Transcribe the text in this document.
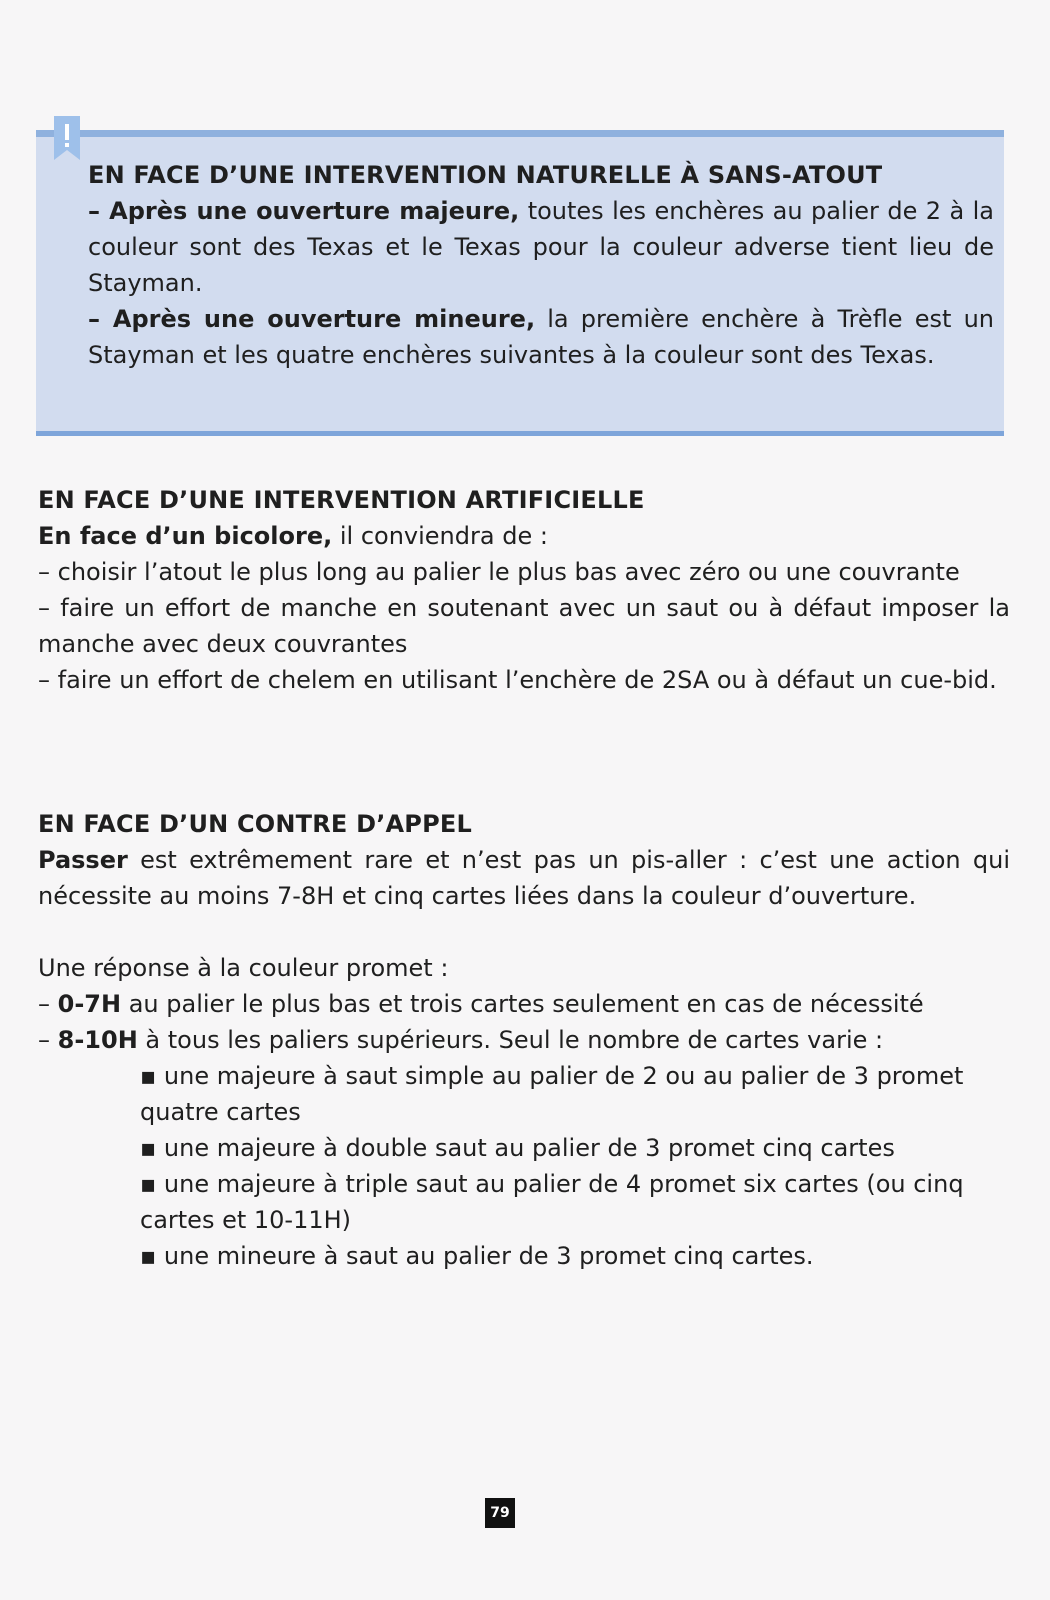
EN FACE D’UNE INTERVENTION NATURELLE À SANS-ATOUT

– Après une ouverture majeure, toutes les enchères au palier de 2 à la couleur sont des Texas et le Texas pour la couleur adverse tient lieu de Stayman.

– Après une ouverture mineure, la première enchère à Trèfle est un Stayman et les quatre enchères suivantes à la couleur sont des Texas.

EN FACE D’UNE INTERVENTION ARTIFICIELLE

En face d’un bicolore, il conviendra de :

– choisir l’atout le plus long au palier le plus bas avec zéro ou une couvrante

– faire un effort de manche en soutenant avec un saut ou à défaut imposer la manche avec deux couvrantes

– faire un effort de chelem en utilisant l’enchère de 2SA ou à défaut un cue-bid.

EN FACE D’UN CONTRE D’APPEL

Passer est extrêmement rare et n’est pas un pis-aller : c’est une action qui nécessite au moins 7-8H et cinq cartes liées dans la couleur d’ouverture.

Une réponse à la couleur promet :

– 0-7H au palier le plus bas et trois cartes seulement en cas de nécessité

– 8-10H à tous les paliers supérieurs. Seul le nombre de cartes varie :

▪ une majeure à saut simple au palier de 2 ou au palier de 3 promet quatre cartes

▪ une majeure à double saut au palier de 3 promet cinq cartes

▪ une majeure à triple saut au palier de 4 promet six cartes (ou cinq cartes et 10-11H)

▪ une mineure à saut au palier de 3 promet cinq cartes.

79
